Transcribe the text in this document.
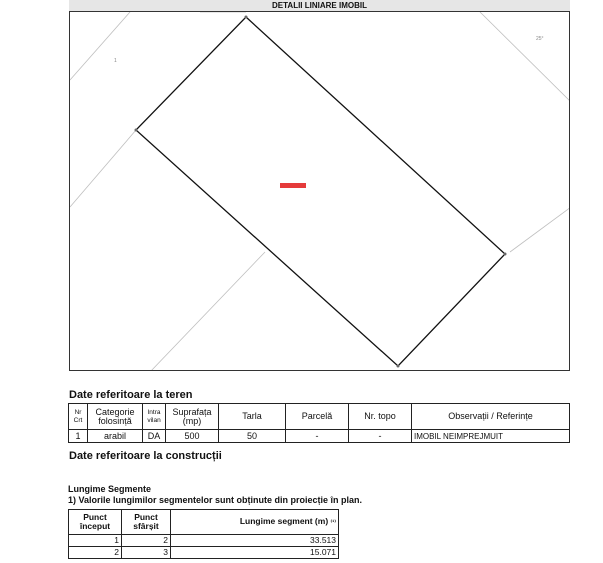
DETALII LINIARE IMOBIL
1
25°
Date referitoare la teren
Nr Crt	Categorie folosință	Intra vilan	Suprafața (mp)	Tarla	Parcelă	Nr. topo	Observații / Referințe
1	arabil	DA	500	50	-	-	IMOBIL NEIMPREJMUIT
Date referitoare la construcții
Lungime Segmente
1) Valorile lungimilor segmentelor sunt obținute din proiecție în plan.
Punct început	Punct sfârșit	Lungime segment (m) ⁽¹⁾
1	2	33.513
2	3	15.071
